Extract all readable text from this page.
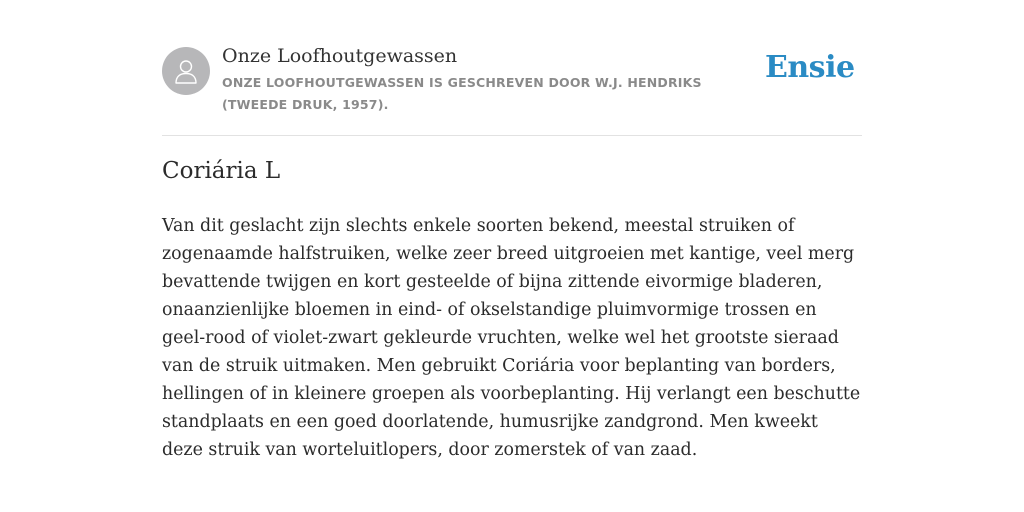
Onze Loofhoutgewassen
ONZE LOOFHOUTGEWASSEN IS GESCHREVEN DOOR W.J. HENDRIKS (TWEEDE DRUK, 1957).
Ensie
Coriária L

Van dit geslacht zijn slechts enkele soorten bekend, meestal struiken of zogenaamde halfstruiken, welke zeer breed uitgroeien met kantige, veel merg bevattende twijgen en kort gesteelde of bijna zittende eivormige bladeren, onaanzienlijke bloemen in eind- of okselstandige pluimvormige trossen en geel-rood of violet-zwart gekleurde vruchten, welke wel het grootste sieraad van de struik uitmaken. Men gebruikt Coriária voor beplanting van borders, hellingen of in kleinere groepen als voorbeplanting. Hij verlangt een beschutte standplaats en een goed doorlatende, humusrijke zandgrond. Men kweekt deze struik van worteluitlopers, door zomerstek of van zaad.
